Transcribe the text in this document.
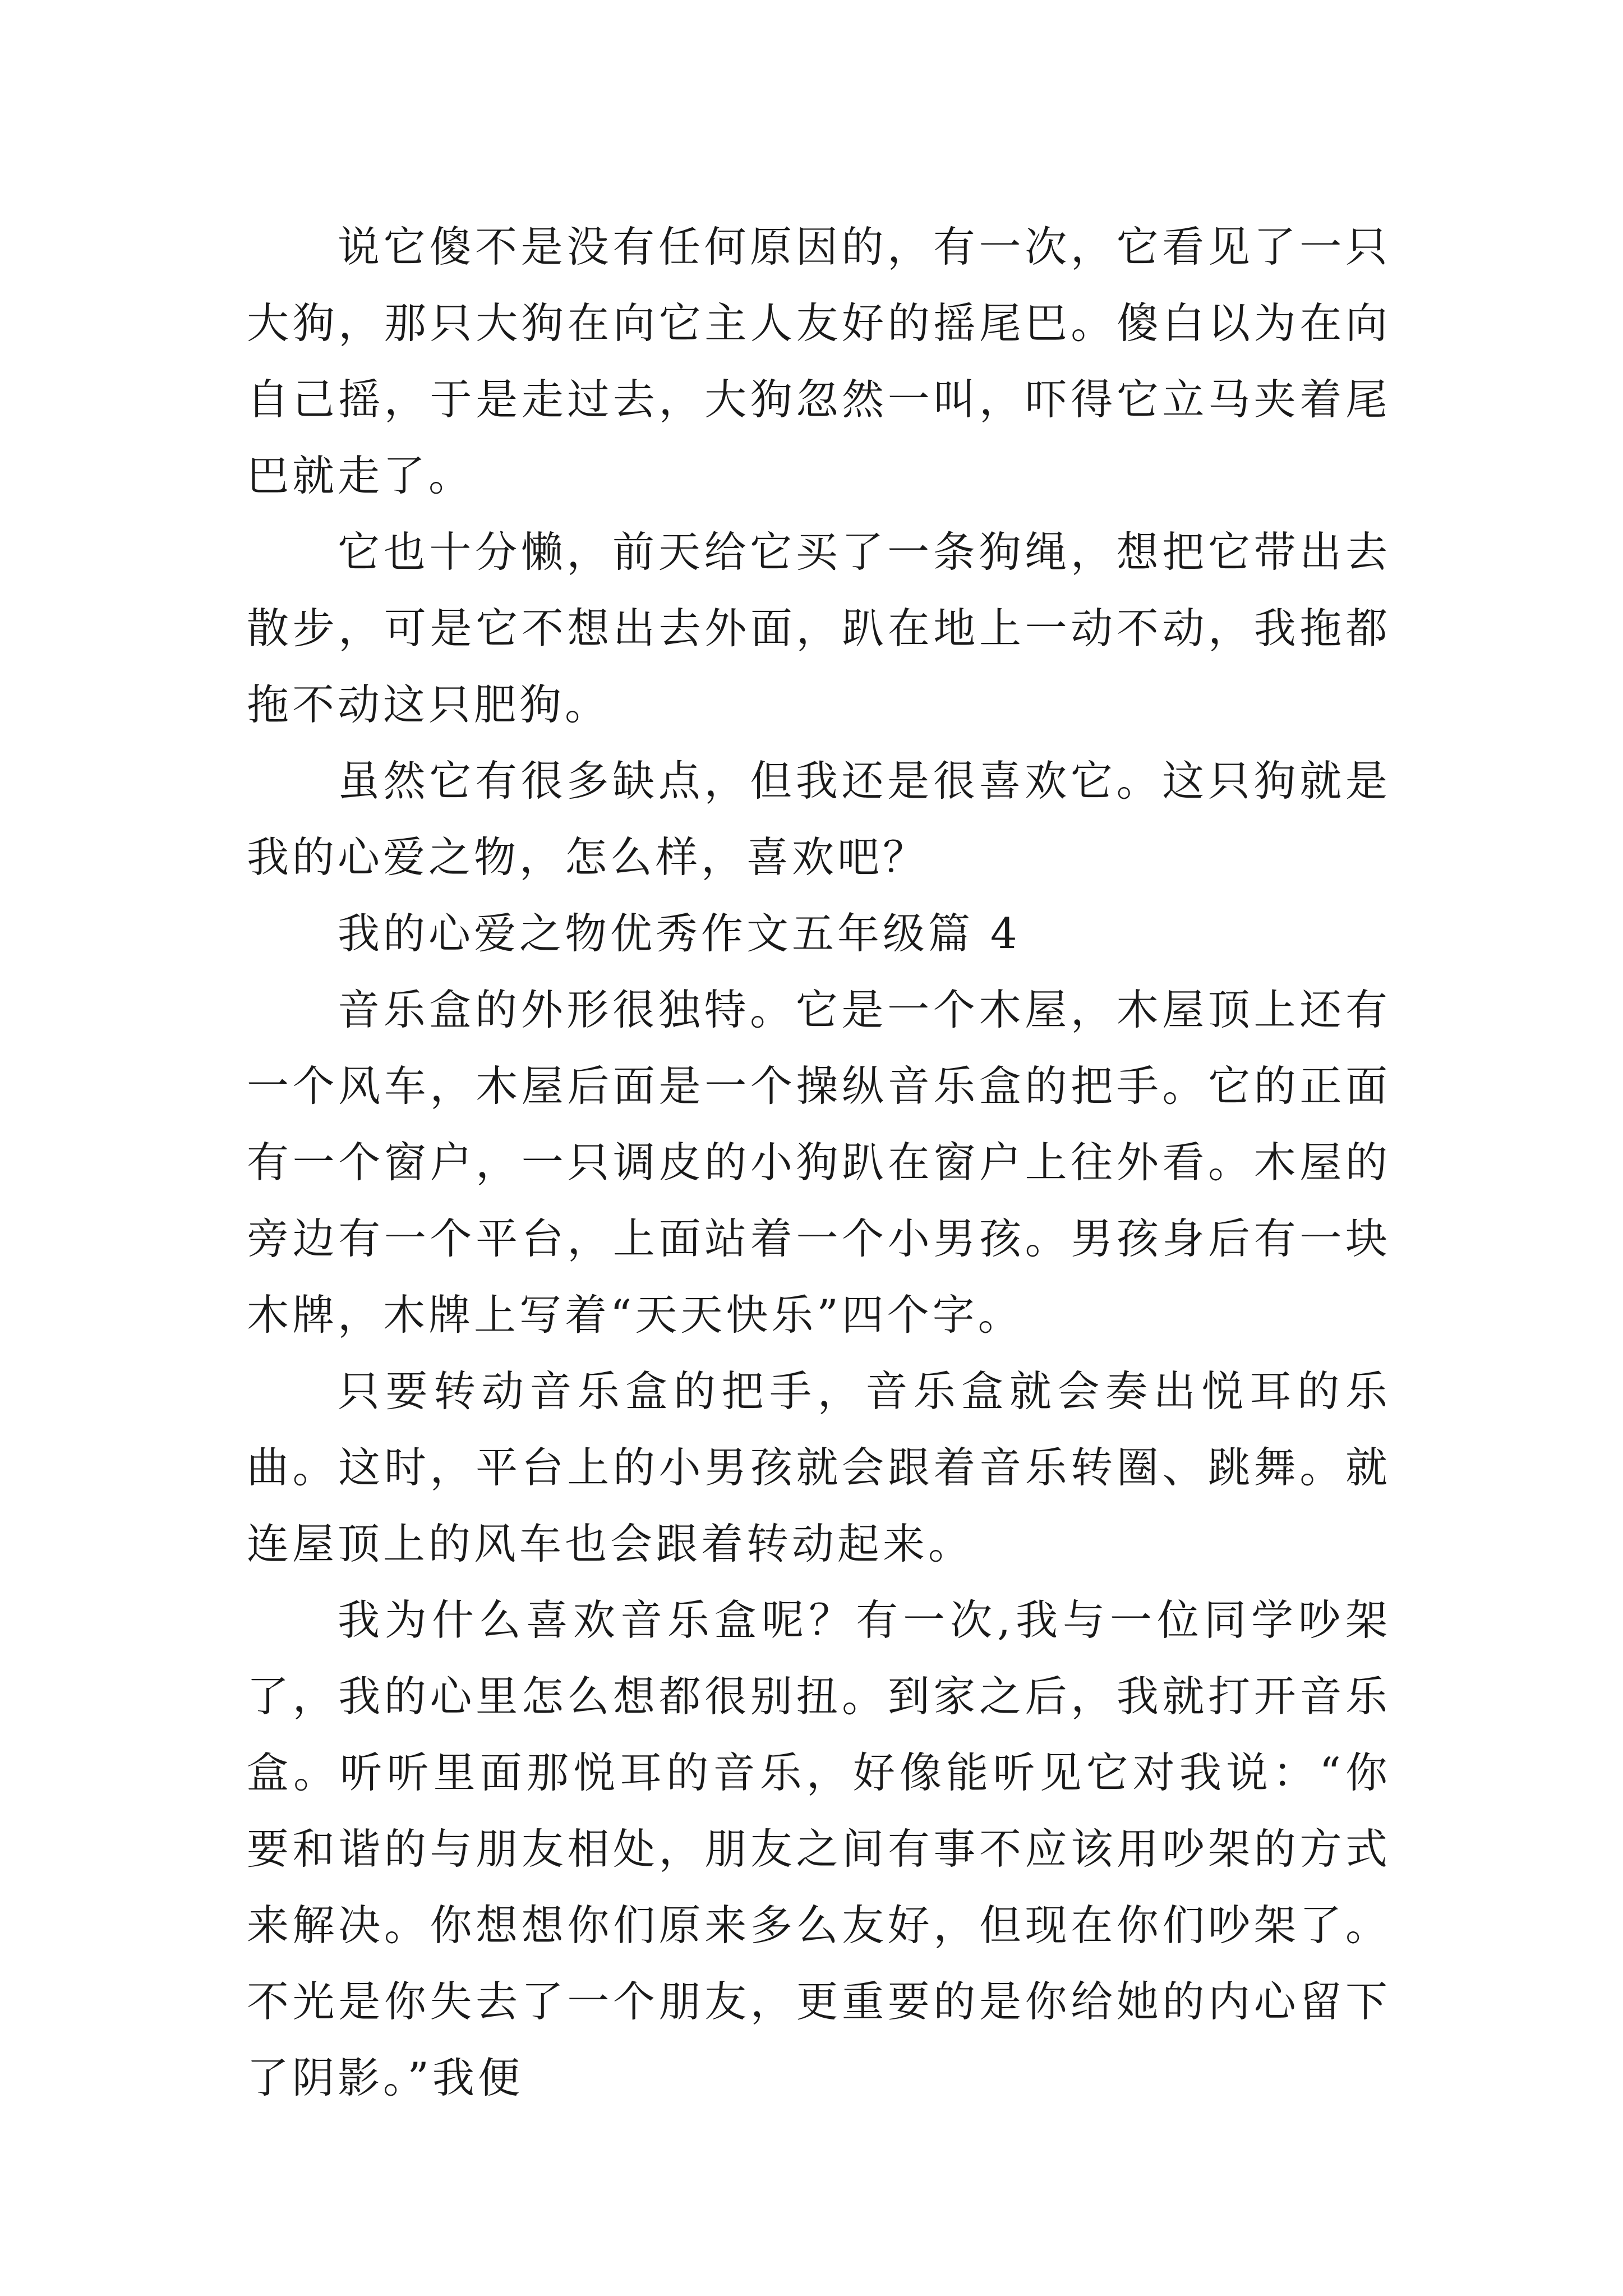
说它傻不是没有任何原因的，有一次，它看见了一只大狗，那只大狗在向它主人友好的摇尾巴。傻白以为在向自己摇，于是走过去，大狗忽然一叫，吓得它立马夹着尾巴就走了。

它也十分懒，前天给它买了一条狗绳，想把它带出去散步，可是它不想出去外面，趴在地上一动不动，我拖都拖不动这只肥狗。

虽然它有很多缺点，但我还是很喜欢它。这只狗就是我的心爱之物，怎么样，喜欢吧？

我的心爱之物优秀作文五年级篇 4

音乐盒的外形很独特。它是一个木屋，木屋顶上还有一个风车，木屋后面是一个操纵音乐盒的把手。它的正面有一个窗户，一只调皮的小狗趴在窗户上往外看。木屋的旁边有一个平台，上面站着一个小男孩。男孩身后有一块木牌，木牌上写着“天天快乐”四个字。

只要转动音乐盒的把手，音乐盒就会奏出悦耳的乐曲。这时，平台上的小男孩就会跟着音乐转圈、跳舞。就连屋顶上的风车也会跟着转动起来。

我为什么喜欢音乐盒呢？有一次,我与一位同学吵架了，我的心里怎么想都很别扭。到家之后，我就打开音乐盒。听听里面那悦耳的音乐，好像能听见它对我说：“你要和谐的与朋友相处，朋友之间有事不应该用吵架的方式来解决。你想想你们原来多么友好，但现在你们吵架了。不光是你失去了一个朋友，更重要的是你给她的内心留下了阴影。”我便
